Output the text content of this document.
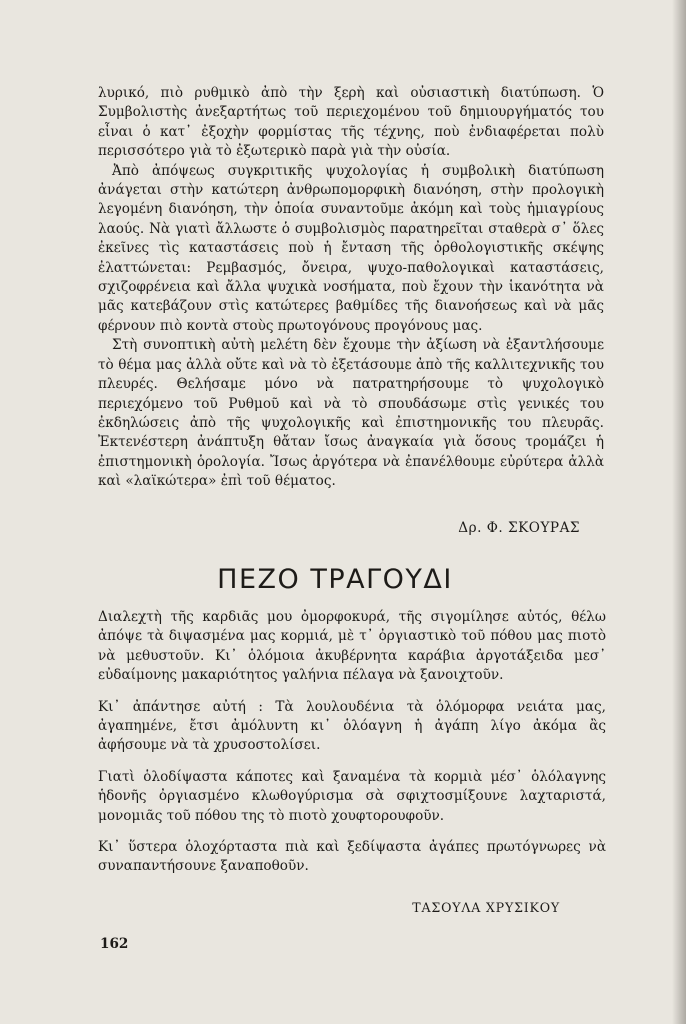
λυρικό, πιὸ ρυθμικὸ ἀπὸ τὴν ξερὴ καὶ οὐσιαστικὴ διατύπωση. Ὁ Συμβολιστὴς ἀνεξαρτήτως τοῦ περιεχομένου τοῦ δημιουργήματός του εἶναι ὁ κατ᾽ ἐξοχὴν φορμίστας τῆς τέχνης, ποὺ ἐνδιαφέρεται πολὺ περισσότερο γιὰ τὸ ἐξωτερικὸ παρὰ γιὰ τὴν οὐσία.

Ἀπὸ ἀπόψεως συγκριτικῆς ψυχολογίας ἡ συμβολικὴ διατύπωση ἀνάγεται στὴν κατώτερη ἀνθρωπομορφικὴ διανόηση, στὴν προλογικὴ λεγομένη διανόηση, τὴν ὁποία συναντοῦμε ἀκόμη καὶ τοὺς ἡμιαγρίους λαούς. Νὰ γιατὶ ἄλλωστε ὁ συμβολισμὸς παρατηρεῖται σταθερὰ σ᾽ ὅλες ἐκεῖνες τὶς καταστάσεις ποὺ ἡ ἔνταση τῆς ὀρθολογιστικῆς σκέψης ἐλαττώνεται: Ρεμβασμός, ὄνειρα, ψυχο-παθολογικαὶ καταστάσεις, σχιζοφρένεια καὶ ἄλλα ψυχικὰ νοσήματα, ποὺ ἔχουν τὴν ἱκανότητα νὰ μᾶς κατεβάζουν στὶς κατώτερες βαθμίδες τῆς διανοήσεως καὶ νὰ μᾶς φέρνουν πιὸ κοντὰ στοὺς πρωτογόνους προγόνους μας.

Στὴ συνοπτικὴ αὐτὴ μελέτη δὲν ἔχουμε τὴν ἀξίωση νὰ ἐξαντλήσουμε τὸ θέμα μας ἀλλὰ οὔτε καὶ νὰ τὸ ἐξετάσουμε ἀπὸ τῆς καλλιτεχνικῆς του πλευρές. Θελήσαμε μόνο νὰ πατρατηρήσουμε τὸ ψυχολογικὸ περιεχόμενο τοῦ Ρυθμοῦ καὶ νὰ τὸ σπουδάσωμε στὶς γενικές του ἐκδηλώσεις ἀπὸ τῆς ψυχολογικῆς καὶ ἐπιστημονικῆς του πλευρᾶς. Ἐκτενέστερη ἀνάπτυξη θἄταν ἴσως ἀναγκαία γιὰ ὅσους τρομάζει ἡ ἐπιστημονικὴ ὁρολογία. Ἴσως ἀργότερα νὰ ἐπανέλθουμε εὐρύτερα ἀλλὰ καὶ «λαϊκώτερα» ἐπὶ τοῦ θέματος.

Δρ. Φ. ΣΚΟΥΡΑΣ
ΠΕΖΟ ΤΡΑΓΟΥΔΙ

Διαλεχτὴ τῆς καρδιᾶς μου ὀμορφοκυρά, τῆς σιγομίλησε αὐτός, θέλω ἀπόψε τὰ διψασμένα μας κορμιά, μὲ τ᾽ ὀργιαστικὸ τοῦ πόθου μας πιοτὸ νὰ μεθυστοῦν. Κι᾽ ὁλόμοια ἀκυβέρνητα καράβια ἀργοτάξειδα μεσ᾽ εὐδαίμονης μακαριότητος γαλήνια πέλαγα νὰ ξανοιχτοῦν.

Κι᾽ ἀπάντησε αὐτή : Τὰ λουλουδένια τὰ ὁλόμορφα νειάτα μας, ἀγαπημένε, ἔτσι ἀμόλυντη κι᾽ ὁλόαγνη ἡ ἀγάπη λίγο ἀκόμα ἂς ἀφήσουμε νὰ τὰ χρυσοστολίσει.

Γιατὶ ὁλοδίψαστα κάποτες καὶ ξαναμένα τὰ κορμιὰ μέσ᾽ ὁλόλαγνης ἡδονῆς ὀργιασμένο κλωθογύρισμα σὰ σφιχτοσμίξουνε λαχταριστά, μονομιᾶς τοῦ πόθου της τὸ πιοτὸ χουφτορουφοῦν.

Κι᾽ ὕστερα ὁλοχόρταστα πιὰ καὶ ξεδίψαστα ἀγάπες πρωτόγνωρες νὰ συναπαντήσουνε ξαναποθοῦν.

ΤΑΣΟΥΛΑ ΧΡΥΣΙΚΟΥ
162
